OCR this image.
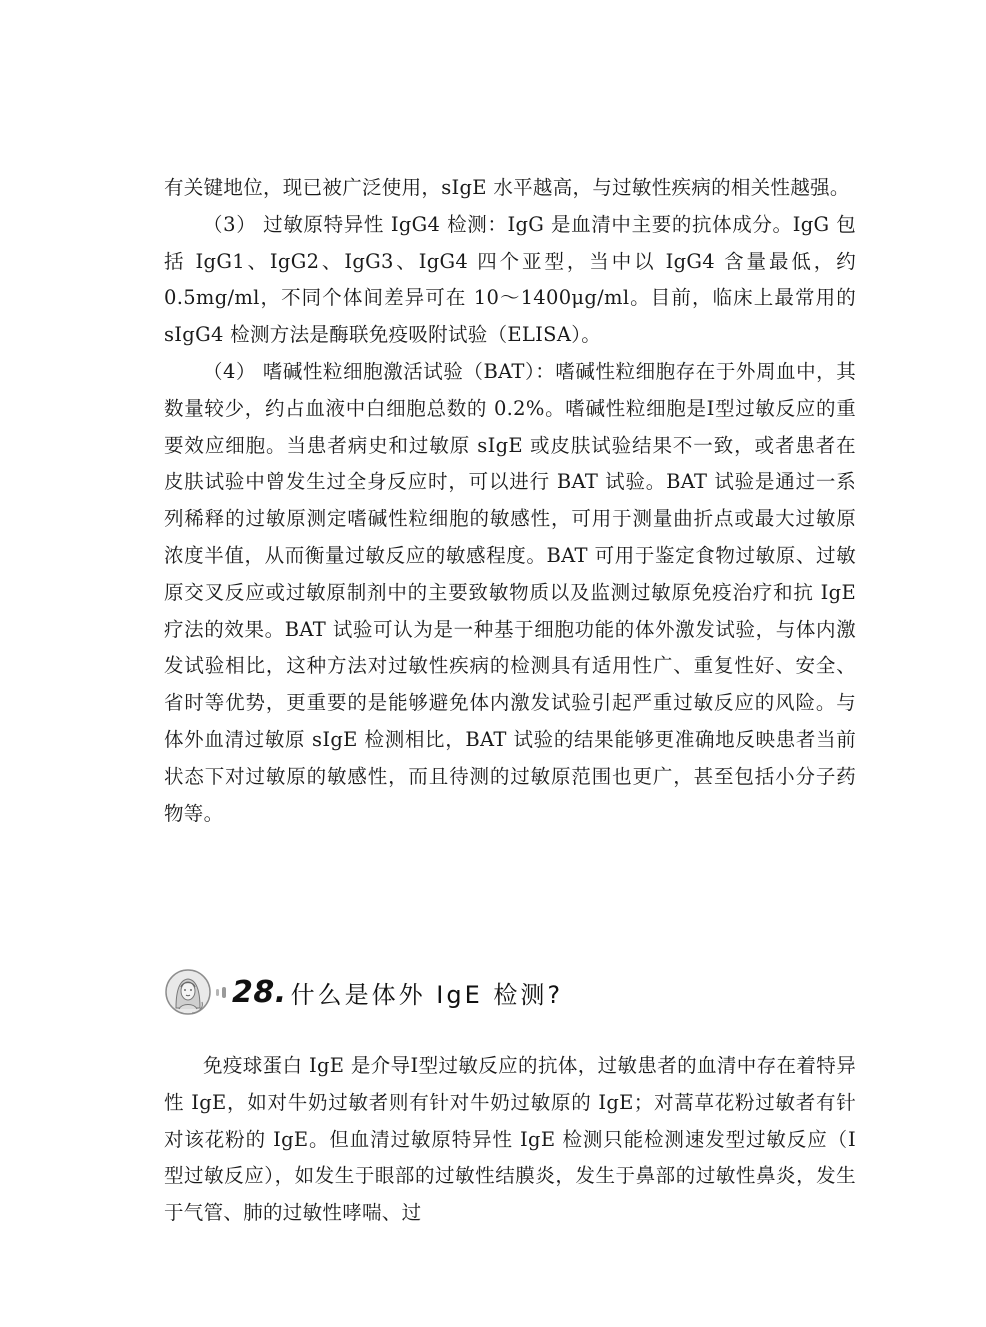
有关键地位，现已被广泛使用，sIgE 水平越高，与过敏性疾病的相关性越强。

（3） 过敏原特异性 IgG4 检测：IgG 是血清中主要的抗体成分。IgG 包括 IgG1、IgG2、IgG3、IgG4 四个亚型，当中以 IgG4 含量最低，约 0.5mg/ml，不同个体间差异可在 10～1400μg/ml。目前，临床上最常用的 sIgG4 检测方法是酶联免疫吸附试验（ELISA）。

（4） 嗜碱性粒细胞激活试验（BAT）：嗜碱性粒细胞存在于外周血中，其数量较少，约占血液中白细胞总数的 0.2%。嗜碱性粒细胞是Ⅰ型过敏反应的重要效应细胞。当患者病史和过敏原 sIgE 或皮肤试验结果不一致，或者患者在皮肤试验中曾发生过全身反应时，可以进行 BAT 试验。BAT 试验是通过一系列稀释的过敏原测定嗜碱性粒细胞的敏感性，可用于测量曲折点或最大过敏原浓度半值，从而衡量过敏反应的敏感程度。BAT 可用于鉴定食物过敏原、过敏原交叉反应或过敏原制剂中的主要致敏物质以及监测过敏原免疫治疗和抗 IgE 疗法的效果。BAT 试验可认为是一种基于细胞功能的体外激发试验，与体内激发试验相比，这种方法对过敏性疾病的检测具有适用性广、重复性好、安全、省时等优势，更重要的是能够避免体内激发试验引起严重过敏反应的风险。与体外血清过敏原 sIgE 检测相比，BAT 试验的结果能够更准确地反映患者当前状态下对过敏原的敏感性，而且待测的过敏原范围也更广，甚至包括小分子药物等。

28. 什么是体外 IgE 检测?

免疫球蛋白 IgE 是介导Ⅰ型过敏反应的抗体，过敏患者的血清中存在着特异性 IgE，如对牛奶过敏者则有针对牛奶过敏原的 IgE；对蒿草花粉过敏者有针对该花粉的 IgE。但血清过敏原特异性 IgE 检测只能检测速发型过敏反应（Ⅰ型过敏反应），如发生于眼部的过敏性结膜炎，发生于鼻部的过敏性鼻炎，发生于气管、肺的过敏性哮喘、过
